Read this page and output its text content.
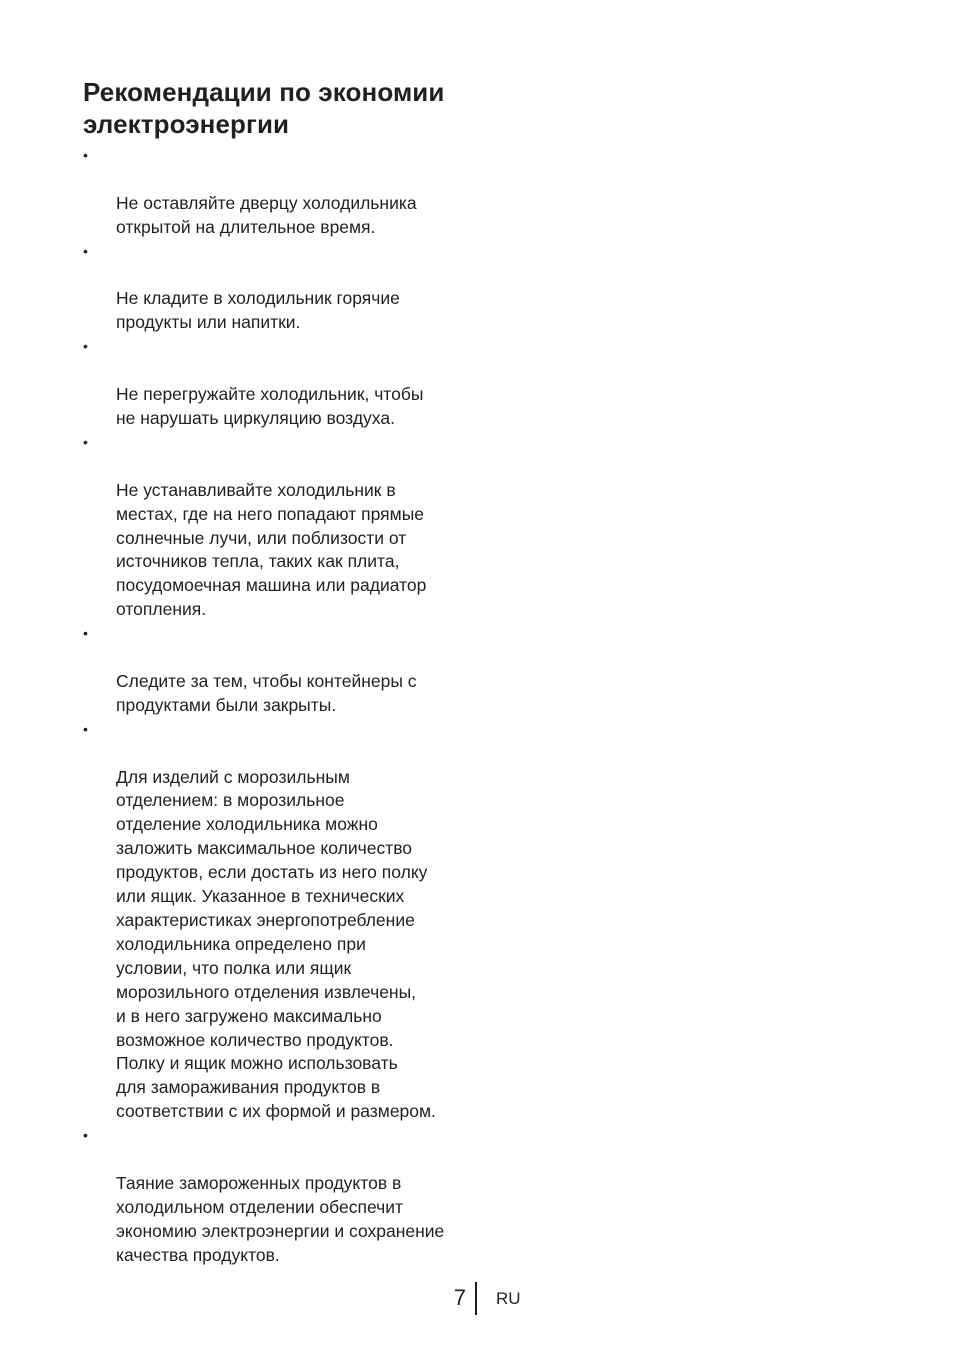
Рекомендации по экономии
электроэнергии

•

Не оставляйте дверцу холодильника
открытой на длительное время.

•

Не кладите в холодильник горячие
продукты или напитки.

•

Не перегружайте холодильник, чтобы
не нарушать циркуляцию воздуха.

•

Не устанавливайте холодильник в
местах, где на него попадают прямые
солнечные лучи, или поблизости от
источников тепла, таких как плита,
посудомоечная машина или радиатор
отопления.

•

Следите за тем, чтобы контейнеры с
продуктами были закрыты.

•

Для изделий с морозильным
отделением: в морозильное
отделение холодильника можно
заложить максимальное количество
продуктов, если достать из него полку
или ящик. Указанное в технических
характеристиках энергопотребление
холодильника определено при
условии, что полка или ящик
морозильного отделения извлечены,
и в него загружено максимально
возможное количество продуктов.
Полку и ящик можно использовать
для замораживания продуктов в
соответствии с их формой и размером.

•

Таяние замороженных продуктов в
холодильном отделении обеспечит
экономию электроэнергии и сохранение
качества продуктов.

7 RU
